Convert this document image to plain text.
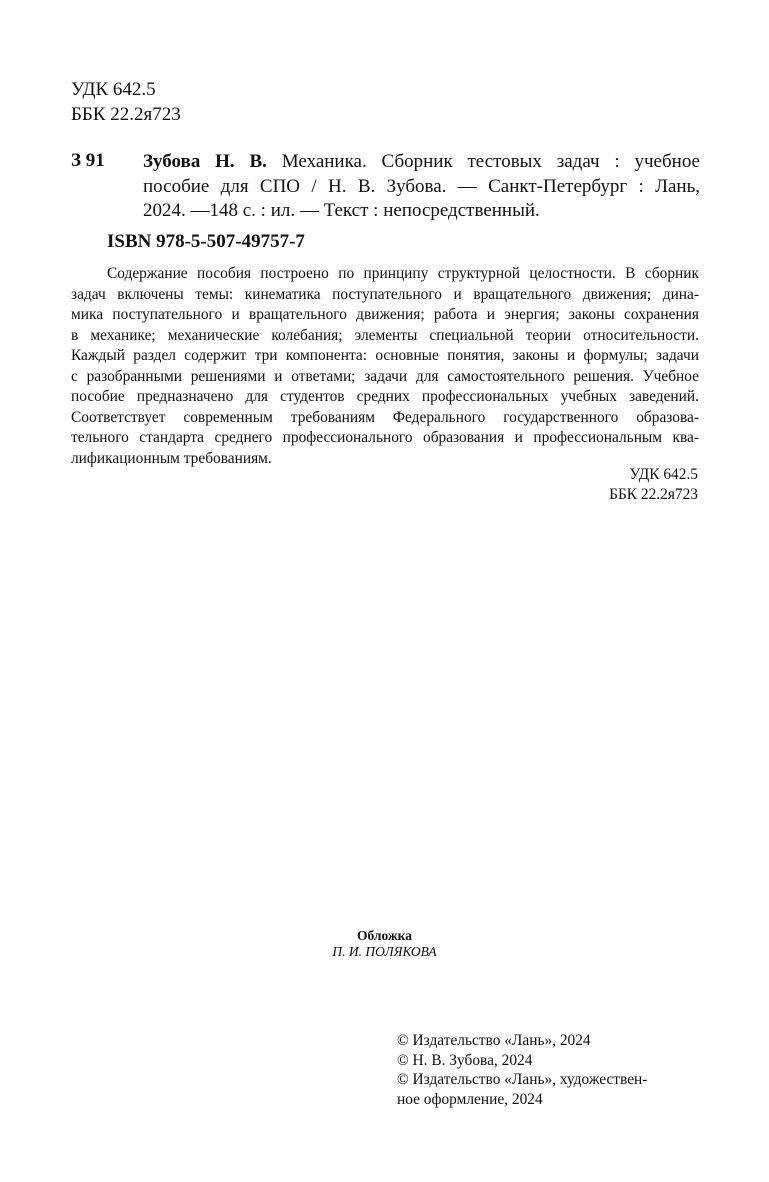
УДК 642.5
ББК 22.2я723
З 91 Зубова Н. В. Механика. Сборник тестовых задач : учебное
пособие для СПО / Н. В. Зубова. — Санкт-Петербург : Лань,
2024. —148 с. : ил. — Текст : непосредственный.
ISBN 978-5-507-49757-7
Содержание пособия построено по принципу структурной целостности. В сборник
задач включены темы: кинематика поступательного и вращательного движения; дина-
мика поступательного и вращательного движения; работа и энергия; законы сохранения
в механике; механические колебания; элементы специальной теории относительности.
Каждый раздел содержит три компонента: основные понятия, законы и формулы; задачи
с разобранными решениями и ответами; задачи для самостоятельного решения. Учебное
пособие предназначено для студентов средних профессиональных учебных заведений.
Соответствует современным требованиям Федерального государственного образова-
тельного стандарта среднего профессионального образования и профессиональным ква-
лификационным требованиям.
УДК 642.5
ББК 22.2я723
Обложка
П. И. ПОЛЯКОВА
© Издательство «Лань», 2024
© Н. В. Зубова, 2024
© Издательство «Лань», художествен-
ное оформление, 2024
